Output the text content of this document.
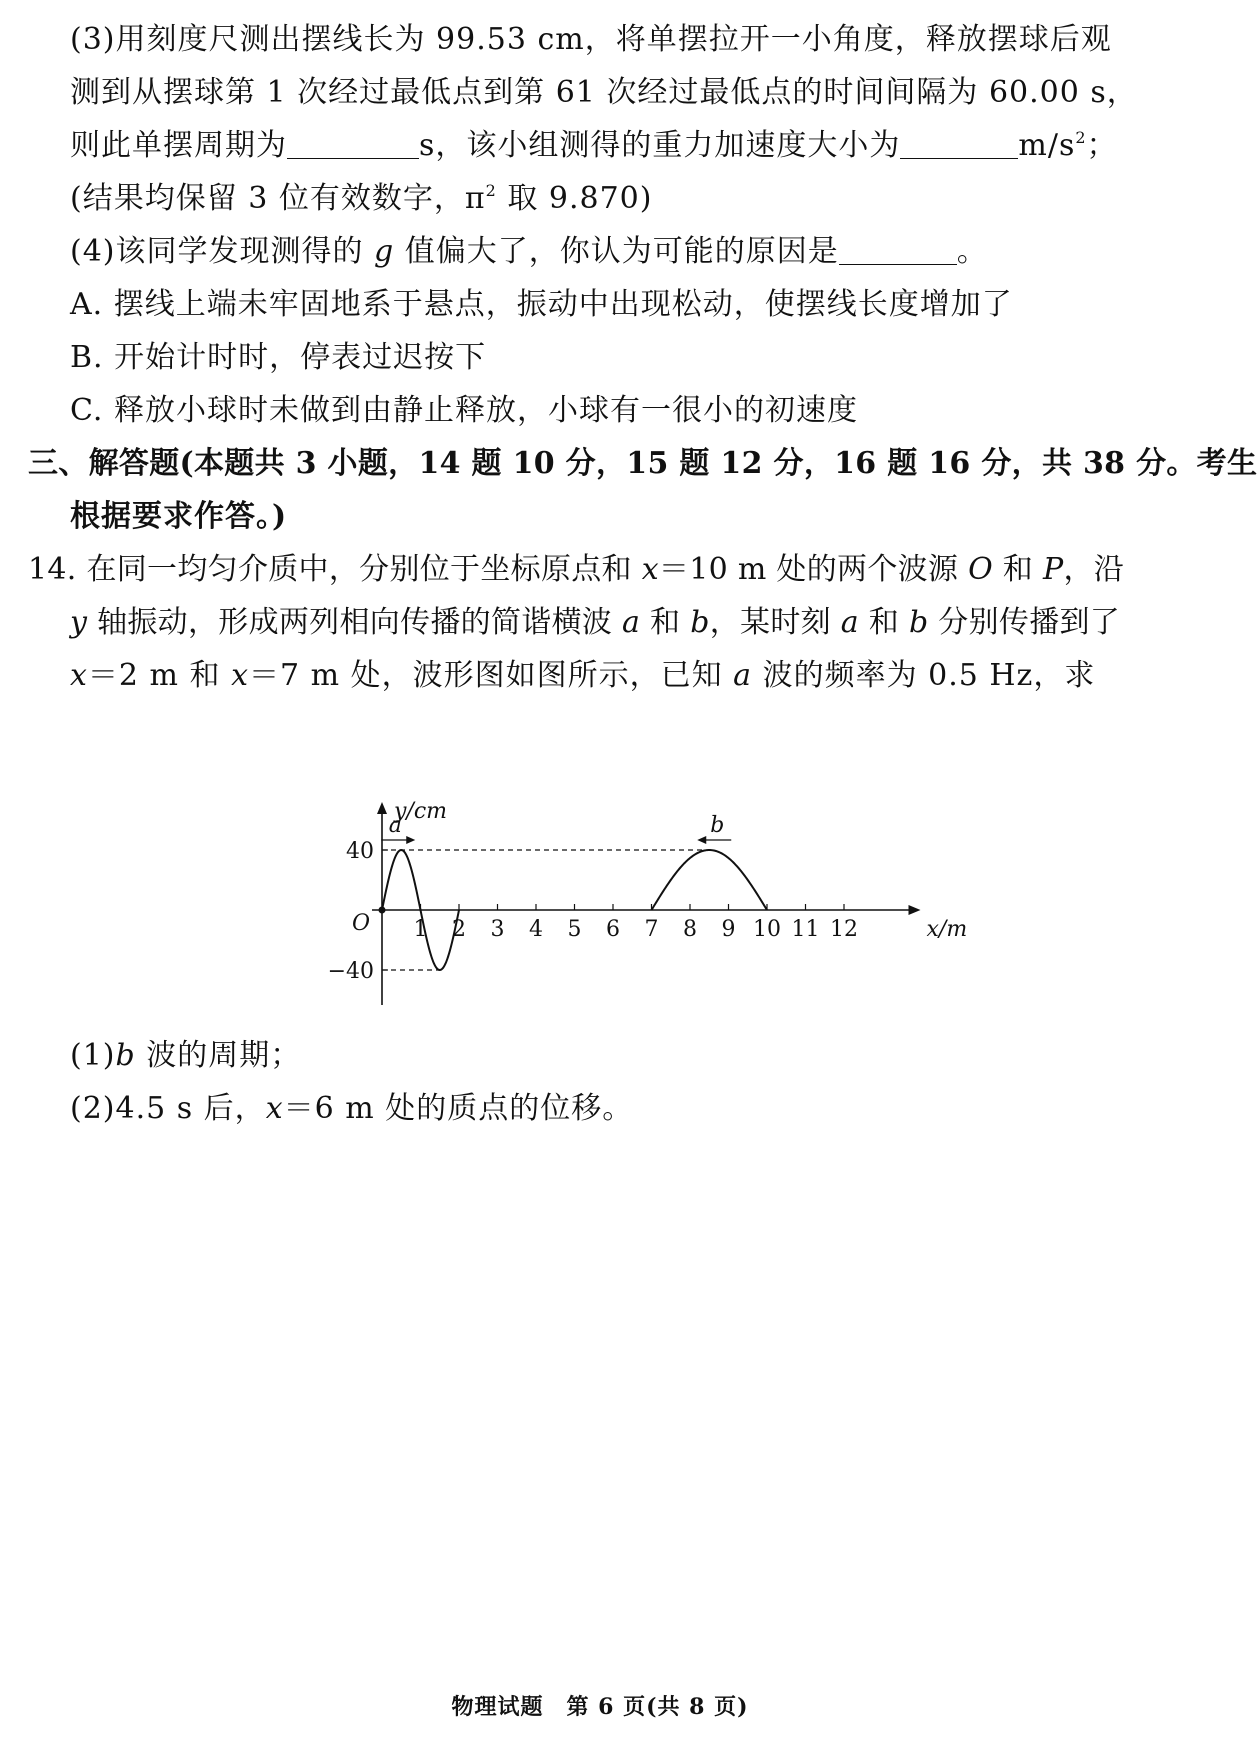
(3)用刻度尺测出摆线长为 99.53 cm，将单摆拉开一小角度，释放摆球后观
测到从摆球第 1 次经过最低点到第 61 次经过最低点的时间间隔为 60.00 s，
则此单摆周期为	s，该小组测得的重力加速度大小为	$m/s^2$；
(结果均保留 3 位有效数字，$\pi^2$ 取 9.870)
(4)该同学发现测得的 g 值偏大了，你认为可能的原因是	。
A. 摆线上端未牢固地系于悬点，振动中出现松动，使摆线长度增加了
B. 开始计时时，停表过迟按下
C. 释放小球时未做到由静止释放，小球有一很小的初速度
三、解答题(本题共 3 小题，14 题 10 分，15 题 12 分，16 题 16 分，共 38 分。考生
根据要求作答。)
14. 在同一均匀介质中，分别位于坐标原点和 x＝10 m 处的两个波源 O 和 P，沿
y 轴振动，形成两列相向传播的简谐横波 a 和 b，某时刻 a 和 b 分别传播到了
x＝2 m 和 x＝7 m 处，波形图如图所示，已知 a 波的频率为 0.5 Hz，求
x/m
y/cm
O 1 2 3 4 5 6 7 8 9 10 11 12
40
−40
a	b
(1)b 波的周期；
(2)4.5 s 后，x＝6 m 处的质点的位移。
物理试题　第 6 页(共 8 页)
